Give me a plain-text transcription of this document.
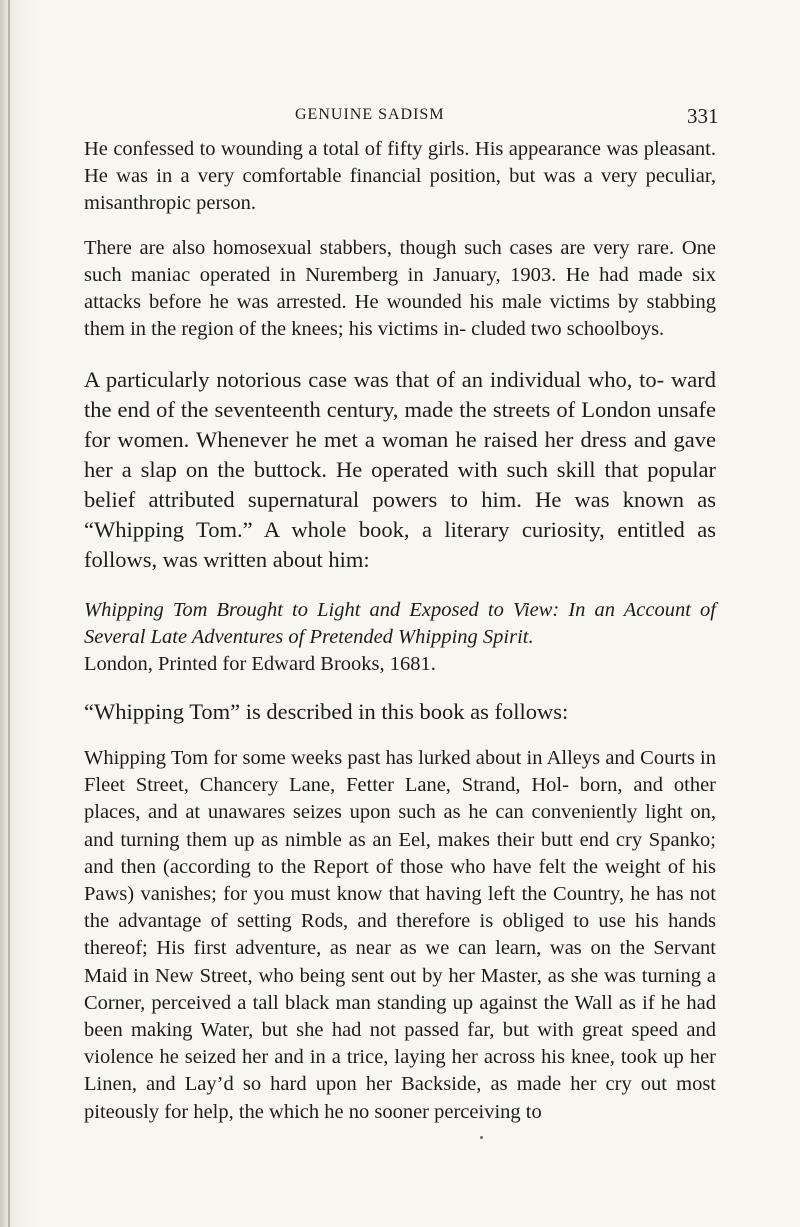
GENUINE SADISM	331

He confessed to wounding a total of fifty girls. His appearance was pleasant. He was in a very comfortable financial position, but was a very peculiar, misanthropic person.

There are also homosexual stabbers, though such cases are very rare. One such maniac operated in Nuremberg in January, 1903. He had made six attacks before he was arrested. He wounded his male victims by stabbing them in the region of the knees; his victims in- cluded two schoolboys.

A particularly notorious case was that of an individual who, to- ward the end of the seventeenth century, made the streets of London unsafe for women. Whenever he met a woman he raised her dress and gave her a slap on the buttock. He operated with such skill that popular belief attributed supernatural powers to him. He was known as “Whipping Tom.” A whole book, a literary curiosity, entitled as follows, was written about him:

Whipping Tom Brought to Light and Exposed to View: In an Account of Several Late Adventures of Pretended Whipping Spirit.
London, Printed for Edward Brooks, 1681.

“Whipping Tom” is described in this book as follows:

Whipping Tom for some weeks past has lurked about in Alleys and Courts in Fleet Street, Chancery Lane, Fetter Lane, Strand, Hol- born, and other places, and at unawares seizes upon such as he can conveniently light on, and turning them up as nimble as an Eel, makes their butt end cry Spanko; and then (according to the Report of those who have felt the weight of his Paws) vanishes; for you must know that having left the Country, he has not the advantage of setting Rods, and therefore is obliged to use his hands thereof; His first adventure, as near as we can learn, was on the Servant Maid in New Street, who being sent out by her Master, as she was turning a Corner, perceived a tall black man standing up against the Wall as if he had been making Water, but she had not passed far, but with great speed and violence he seized her and in a trice, laying her across his knee, took up her Linen, and Lay’d so hard upon her Backside, as made her cry out most piteously for help, the which he no sooner perceiving to
